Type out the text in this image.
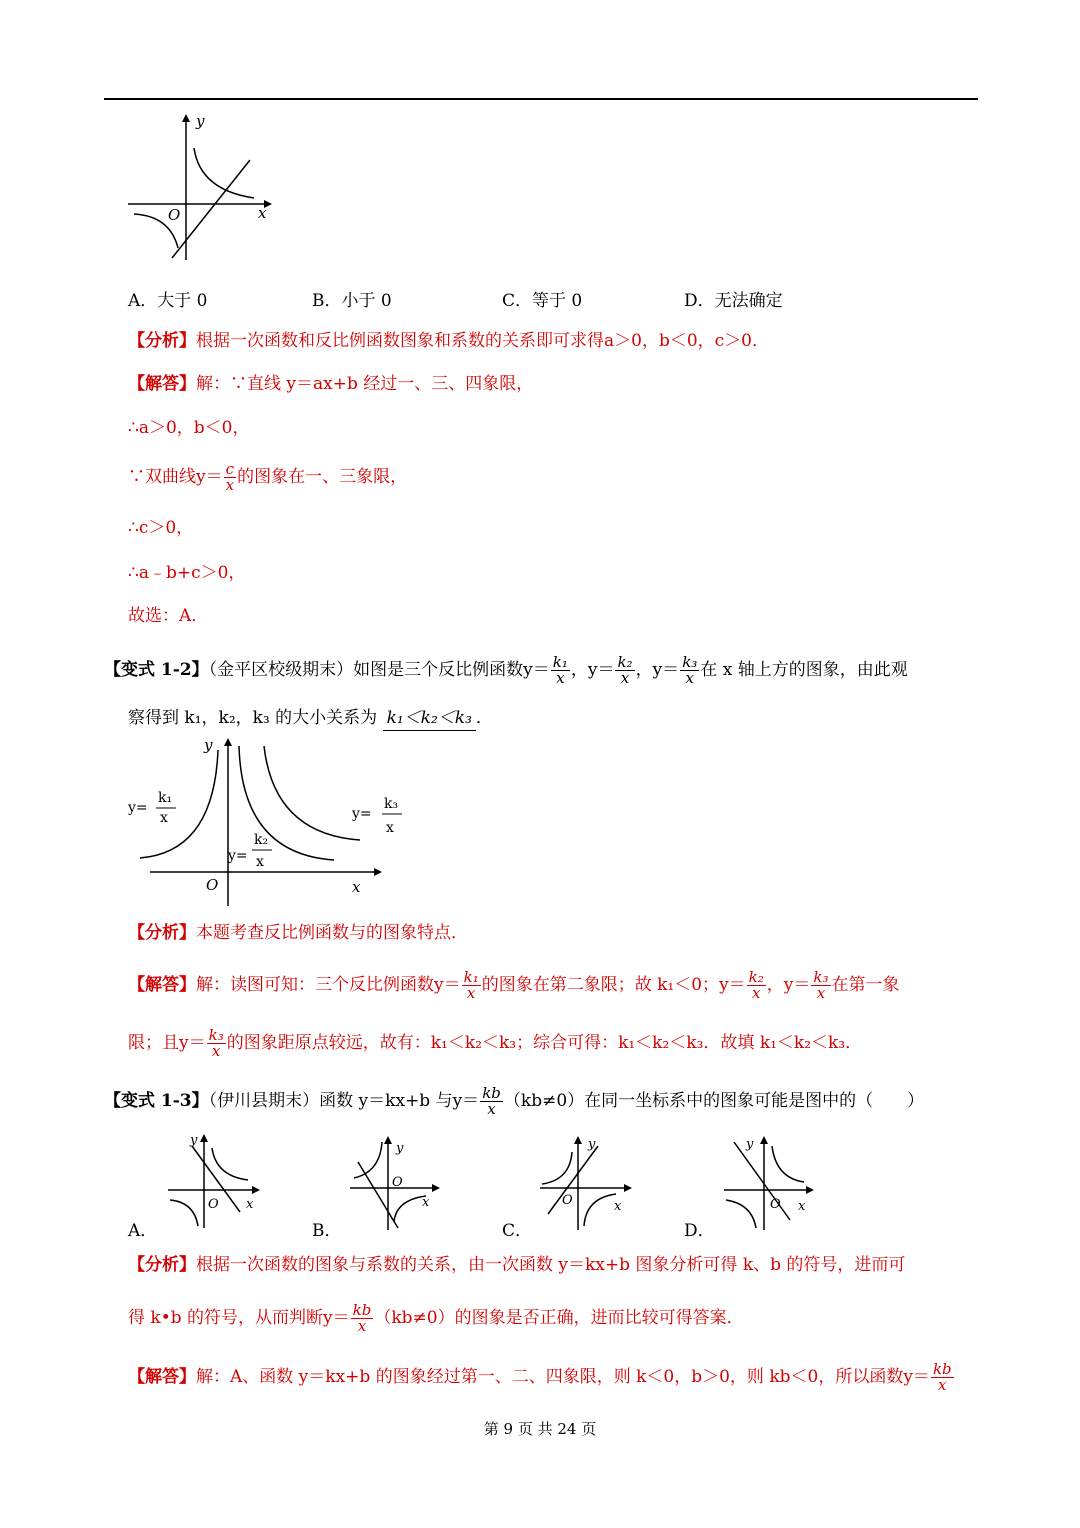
y
x
O
A．大于 0	B．小于 0	C．等于 0	D．无法确定
【分析】根据一次函数和反比例函数图象和系数的关系即可求得a＞0，b＜0，c＞0．
【解答】解：∵直线 y＝ax+b 经过一、三、四象限，
∴a＞0，b＜0，
∵双曲线$y= \frac{c}{x}$ 的图象在一、三象限，
∴c＞0，
∴a﹣b+c＞0，
故选：A．
【变式 1-2】（金平区校级期末）如图是三个反比例函数$y= \frac{\text{k₁}}{x}$ ，$y= \frac{\text{k₂}}{x}$ ，$y= \frac{\text{k₃}}{x}$ 在 x 轴上方的图象，由此观
察得到 k₁，k₂，k₃ 的大小关系为 k₁＜k₂＜k₃ ．
y
x
O
y=
k₁
x
y=
k₂
x
y=
k₃
x
【分析】本题考查反比例函数与的图象特点．
【解答】解：读图可知：三个反比例函数$y= \frac{\text{k₁}}{x}$ 的图象在第二象限；故 k₁＜0；$y= \frac{\text{k₂}}{x}$ ，$y= \frac{\text{k₃}}{x}$ 在第一象
限；且$y= \frac{\text{k₃}}{x}$ 的图象距原点较远，故有：k₁＜k₂＜k₃；综合可得：k₁＜k₂＜k₃．故填 k₁＜k₂＜k₃．
【变式 1-3】（伊川县期末）函数 y＝kx+b 与$y= \frac{kb}{x} (kb\ne 0)$在同一坐标系中的图象可能是图中的（　　）
y
x
O
A．
y
x
O
B．
y
x
O
C．
y
x
O
D．
【分析】根据一次函数的图象与系数的关系，由一次函数 y＝kx+b 图象分析可得 k、b 的符号，进而可
得 k•b 的符号，从而判断$y= \frac{kb}{x} (kb\ne 0)$的图象是否正确，进而比较可得答案．
【解答】解：A、函数 y＝kx+b 的图象经过第一、二、四象限，则 k＜0，b＞0，则 kb＜0，所以函数$y= \frac{kb}{x}$
第 9 页 共 24 页
